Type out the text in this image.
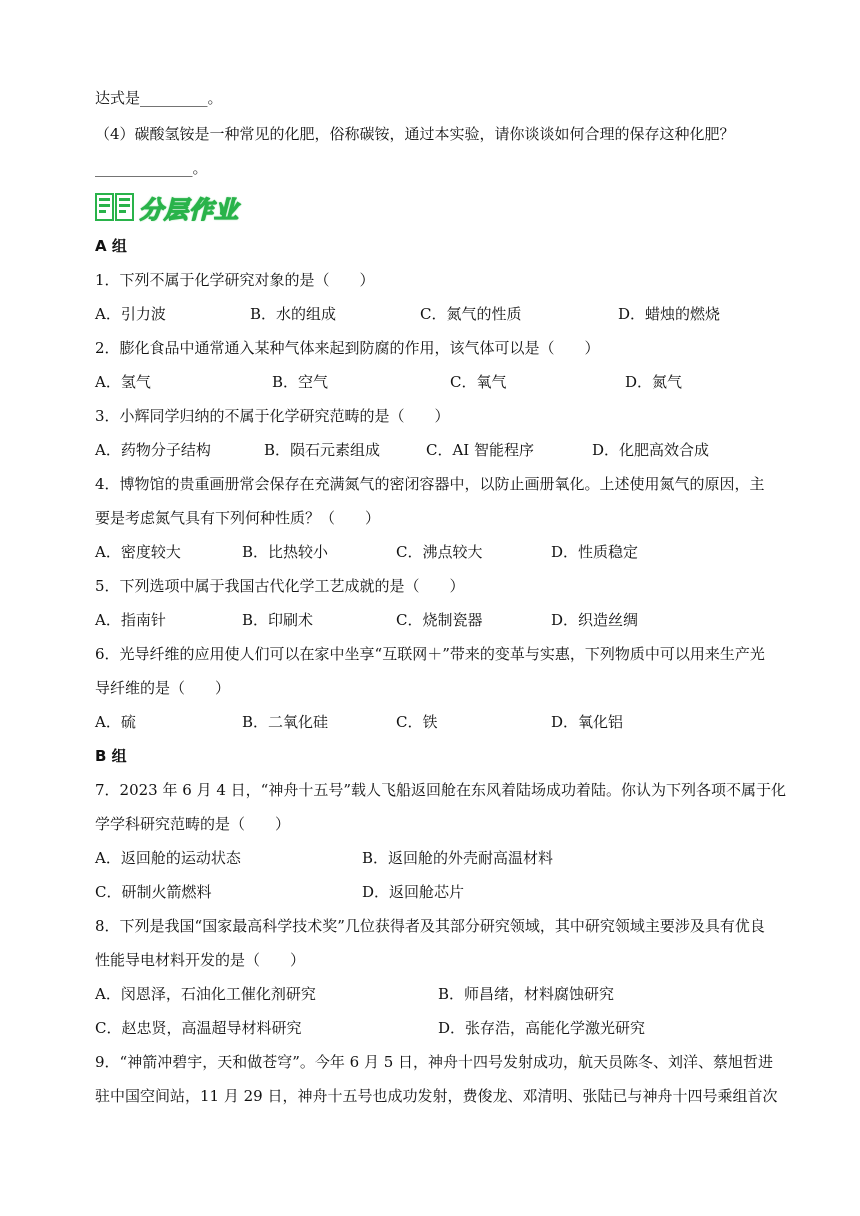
达式是_________。
（4）碳酸氢铵是一种常见的化肥，俗称碳铵，通过本实验，请你谈谈如何合理的保存这种化肥？
_____________。
分层作业
A 组
1．下列不属于化学研究对象的是（　　）
A．引力波	B．水的组成	C．氮气的性质	D．蜡烛的燃烧
2．膨化食品中通常通入某种气体来起到防腐的作用，该气体可以是（　　）
A．氢气	B．空气	C．氧气	D．氮气
3．小辉同学归纳的不属于化学研究范畴的是（　　）
A．药物分子结构	B．陨石元素组成	C．AI 智能程序	D．化肥高效合成
4．博物馆的贵重画册常会保存在充满氮气的密闭容器中，以防止画册氧化。上述使用氮气的原因，主
要是考虑氮气具有下列何种性质？（　　）
A．密度较大	B．比热较小	C．沸点较大	D．性质稳定
5．下列选项中属于我国古代化学工艺成就的是（　　）
A．指南针	B．印刷术	C．烧制瓷器	D．织造丝绸
6．光导纤维的应用使人们可以在家中坐享“互联网＋”带来的变革与实惠，下列物质中可以用来生产光
导纤维的是（　　）
A．硫	B．二氧化硅	C．铁	D．氧化铝
B 组
7．2023 年 6 月 4 日，“神舟十五号”载人飞船返回舱在东风着陆场成功着陆。你认为下列各项不属于化
学学科研究范畴的是（　　）
A．返回舱的运动状态	B．返回舱的外壳耐高温材料
C．研制火箭燃料	D．返回舱芯片
8．下列是我国“国家最高科学技术奖”几位获得者及其部分研究领域，其中研究领域主要涉及具有优良
性能导电材料开发的是（　　）
A．闵恩泽，石油化工催化剂研究	B．师昌绪，材料腐蚀研究
C．赵忠贤，高温超导材料研究	D．张存浩，高能化学激光研究
9．“神箭冲碧宇，天和做苍穹”。今年 6 月 5 日，神舟十四号发射成功，航天员陈冬、刘洋、蔡旭哲进
驻中国空间站，11 月 29 日，神舟十五号也成功发射，费俊龙、邓清明、张陆已与神舟十四号乘组首次
